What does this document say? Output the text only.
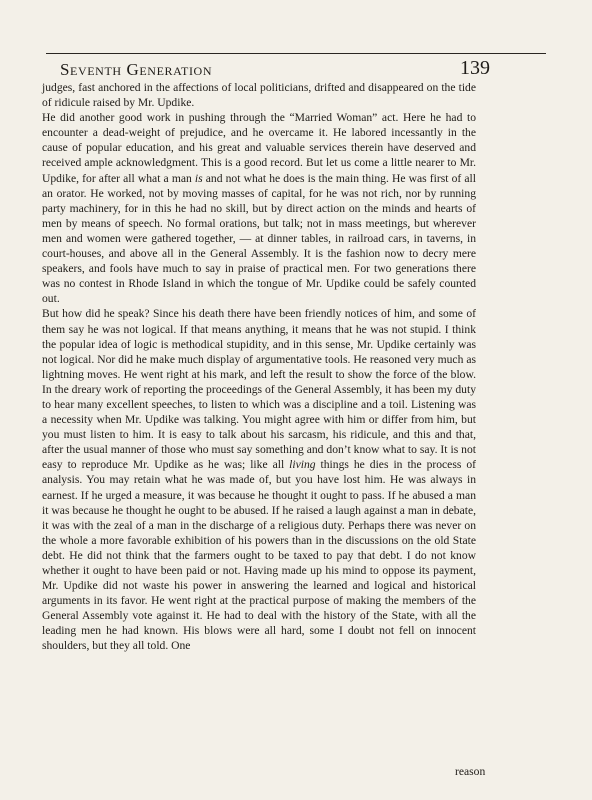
Seventh Generation	139

judges, fast anchored in the affections of local politicians, drifted and disappeared on the tide of ridicule raised by Mr. Updike.

He did another good work in pushing through the “Married Woman” act. Here he had to encounter a dead-weight of prejudice, and he overcame it. He labored incessantly in the cause of popular education, and his great and valuable services therein have deserved and received ample acknowledgment. This is a good record. But let us come a little nearer to Mr. Updike, for after all what a man is and not what he does is the main thing. He was first of all an orator. He worked, not by moving masses of capital, for he was not rich, nor by running party machinery, for in this he had no skill, but by direct action on the minds and hearts of men by means of speech. No formal orations, but talk; not in mass meetings, but wherever men and women were gathered together, — at dinner tables, in railroad cars, in taverns, in court-houses, and above all in the General Assembly. It is the fashion now to decry mere speakers, and fools have much to say in praise of practical men. For two generations there was no contest in Rhode Island in which the tongue of Mr. Updike could be safely counted out.

But how did he speak? Since his death there have been friendly notices of him, and some of them say he was not logical. If that means anything, it means that he was not stupid. I think the popular idea of logic is methodical stupidity, and in this sense, Mr. Updike certainly was not logical. Nor did he make much display of argumentative tools. He reasoned very much as lightning moves. He went right at his mark, and left the result to show the force of the blow. In the dreary work of reporting the proceedings of the General Assembly, it has been my duty to hear many excellent speeches, to listen to which was a discipline and a toil. Listening was a necessity when Mr. Updike was talking. You might agree with him or differ from him, but you must listen to him. It is easy to talk about his sarcasm, his ridicule, and this and that, after the usual manner of those who must say something and don’t know what to say. It is not easy to reproduce Mr. Updike as he was; like all living things he dies in the process of analysis. You may retain what he was made of, but you have lost him. He was always in earnest. If he urged a measure, it was because he thought it ought to pass. If he abused a man it was because he thought he ought to be abused. If he raised a laugh against a man in debate, it was with the zeal of a man in the discharge of a religious duty. Perhaps there was never on the whole a more favorable exhibition of his powers than in the discussions on the old State debt. He did not think that the farmers ought to be taxed to pay that debt. I do not know whether it ought to have been paid or not. Having made up his mind to oppose its payment, Mr. Updike did not waste his power in answering the learned and logical and historical arguments in its favor. He went right at the practical purpose of making the members of the General Assembly vote against it. He had to deal with the history of the State, with all the leading men he had known. His blows were all hard, some I doubt not fell on innocent shoulders, but they all told. One

reason
